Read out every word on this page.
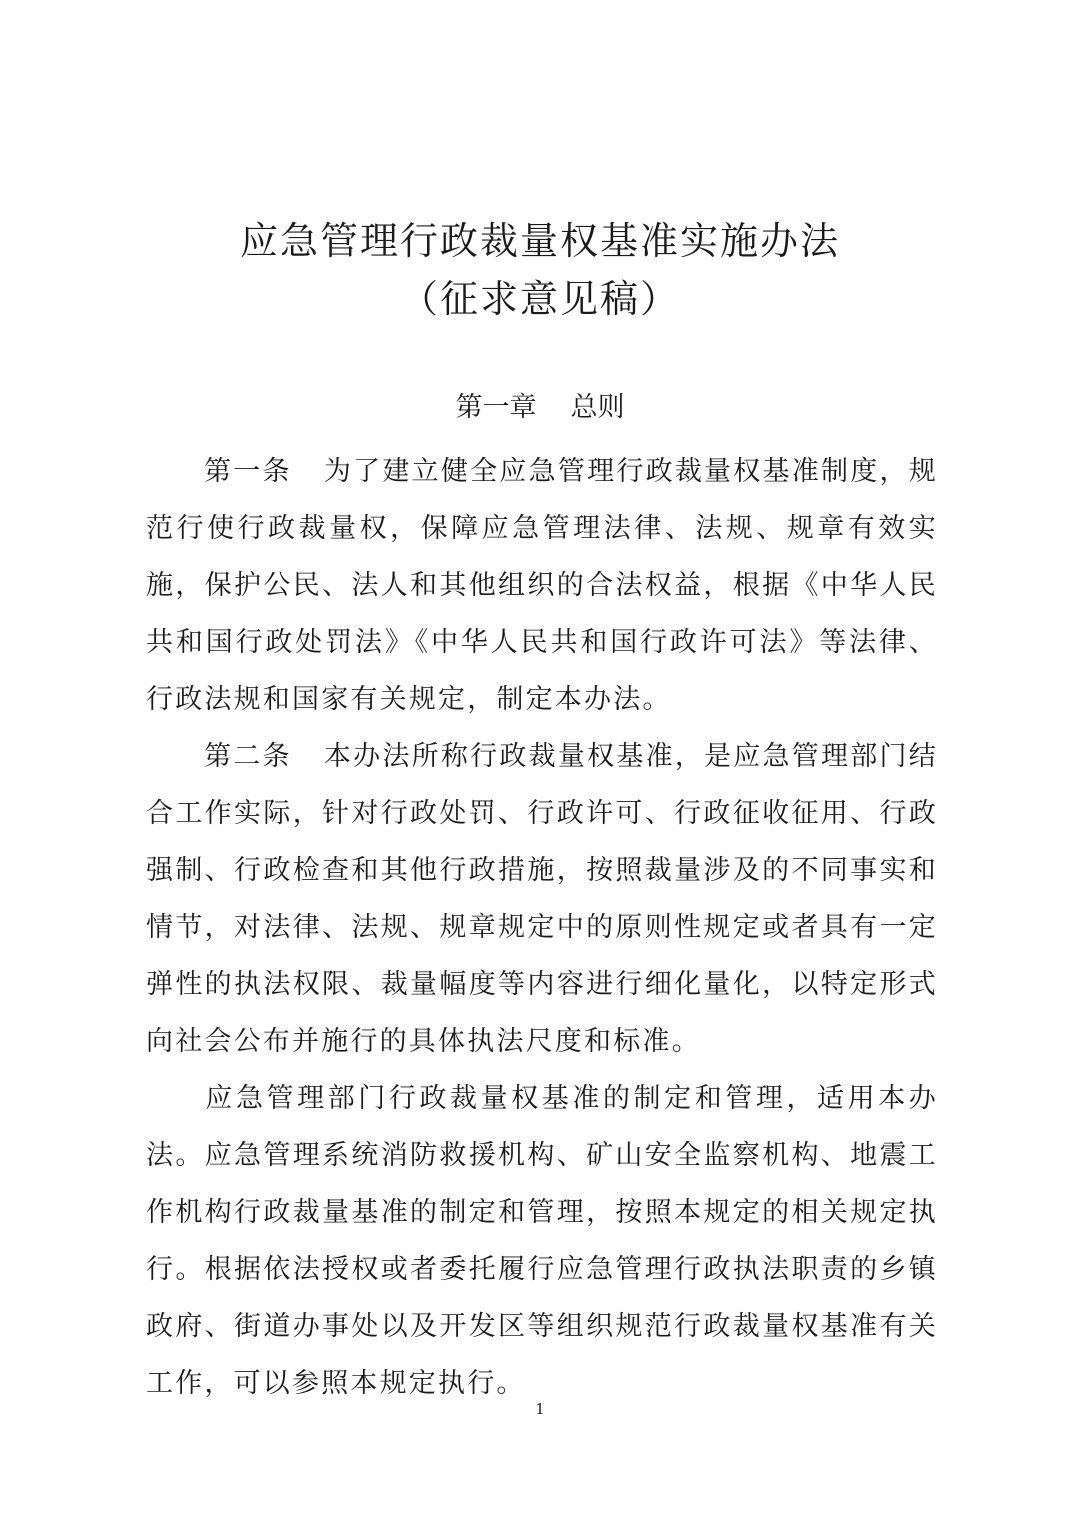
应急管理行政裁量权基准实施办法
（征求意见稿）
第一章 总则

第一条 为了建立健全应急管理行政裁量权基准制度，规范行使行政裁量权，保障应急管理法律、法规、规章有效实施，保护公民、法人和其他组织的合法权益，根据《中华人民共和国行政处罚法》《中华人民共和国行政许可法》等法律、行政法规和国家有关规定，制定本办法。

第二条 本办法所称行政裁量权基准，是应急管理部门结合工作实际，针对行政处罚、行政许可、行政征收征用、行政强制、行政检查和其他行政措施，按照裁量涉及的不同事实和情节，对法律、法规、规章规定中的原则性规定或者具有一定弹性的执法权限、裁量幅度等内容进行细化量化，以特定形式向社会公布并施行的具体执法尺度和标准。

应急管理部门行政裁量权基准的制定和管理，适用本办法。应急管理系统消防救援机构、矿山安全监察机构、地震工作机构行政裁量基准的制定和管理，按照本规定的相关规定执行。根据依法授权或者委托履行应急管理行政执法职责的乡镇政府、街道办事处以及开发区等组织规范行政裁量权基准有关工作，可以参照本规定执行。

1
